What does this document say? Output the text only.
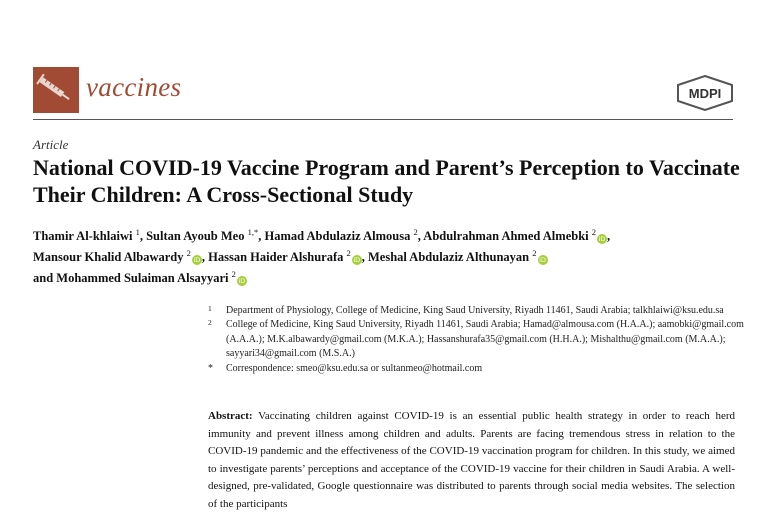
vaccines	MDPI
Article
National COVID-19 Vaccine Program and Parent’s Perception to Vaccinate Their Children: A Cross-Sectional Study
Thamir Al-khlaiwi $^1$, Sultan Ayoub Meo $^{1,*}$, Hamad Abdulaziz Almousa $^2$, Abdulrahman Ahmed Almebki $^2$iD ,
Mansour Khalid Albawardy $^2$iD , Hassan Haider Alshurafa $^2$iD , Meshal Abdulaziz Althunayan $^2$iD
and Mohammed Sulaiman Alsayyari $^2$iD
1 Department of Physiology, College of Medicine, King Saud University, Riyadh 11461, Saudi Arabia; talkhlaiwi@ksu.edu.sa
2 College of Medicine, King Saud University, Riyadh 11461, Saudi Arabia; Hamad@almousa.com (H.A.A.); aamobki@gmail.com (A.A.A.); M.K.albawardy@gmail.com (M.K.A.); Hassanshurafa35@gmail.com (H.H.A.); Mishalthu@gmail.com (M.A.A.); sayyari34@gmail.com (M.S.A.)
* Correspondence: smeo@ksu.edu.sa or sultanmeo@hotmail.com
Abstract: Vaccinating children against COVID-19 is an essential public health strategy in order to reach herd immunity and prevent illness among children and adults. Parents are facing tremendous stress in relation to the COVID-19 pandemic and the effectiveness of the COVID-19 vaccination program for children. In this study, we aimed to investigate parents’ perceptions and acceptance of the COVID-19 vaccine for their children in Saudi Arabia. A well-designed, pre-validated, Google questionnaire was distributed to parents through social media websites. The selection of the participants
